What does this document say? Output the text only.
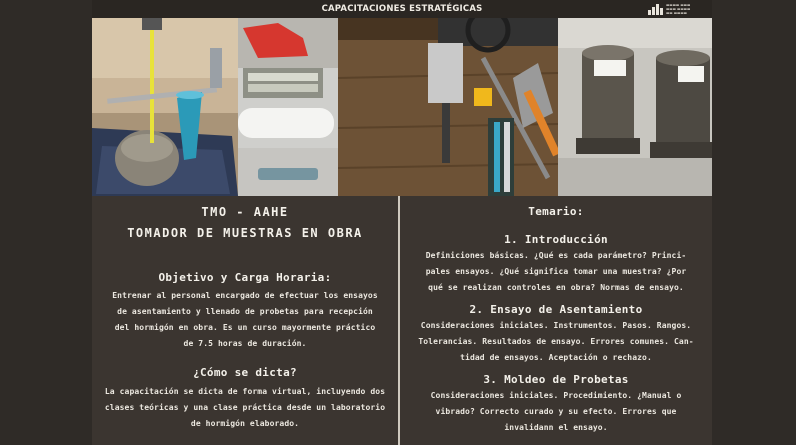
CAPACITACIONES ESTRATÉGICAS	▬▬▬▬ ▬▬▬
▬▬▬ ▬▬▬▬
▬▬ ▬▬▬▬
TMO - AAHE
TOMADOR DE MUESTRAS EN OBRA
Objetivo y Carga Horaria:
Entrenar al personal encargado de efectuar los ensayos
de asentamiento y llenado de probetas para recepción
del hormigón en obra. Es un curso mayormente práctico
de 7.5 horas de duración.
¿Cómo se dicta?
La capacitación se dicta de forma virtual, incluyendo dos
clases teóricas y una clase práctica desde un laboratorio
de hormigón elaborado.
Temario:
1. Introducción
Definiciones básicas. ¿Qué es cada parámetro? Princi-
pales ensayos. ¿Qué significa tomar una muestra? ¿Por
qué se realizan controles en obra? Normas de ensayo.
2. Ensayo de Asentamiento
Consideraciones iniciales. Instrumentos. Pasos. Rangos.
Tolerancias. Resultados de ensayo. Errores comunes. Can-
tidad de ensayos. Aceptación o rechazo.
3. Moldeo de Probetas
Consideraciones iniciales. Procedimiento. ¿Manual o
vibrado? Correcto curado y su efecto. Errores que
invalidann el ensayo.
